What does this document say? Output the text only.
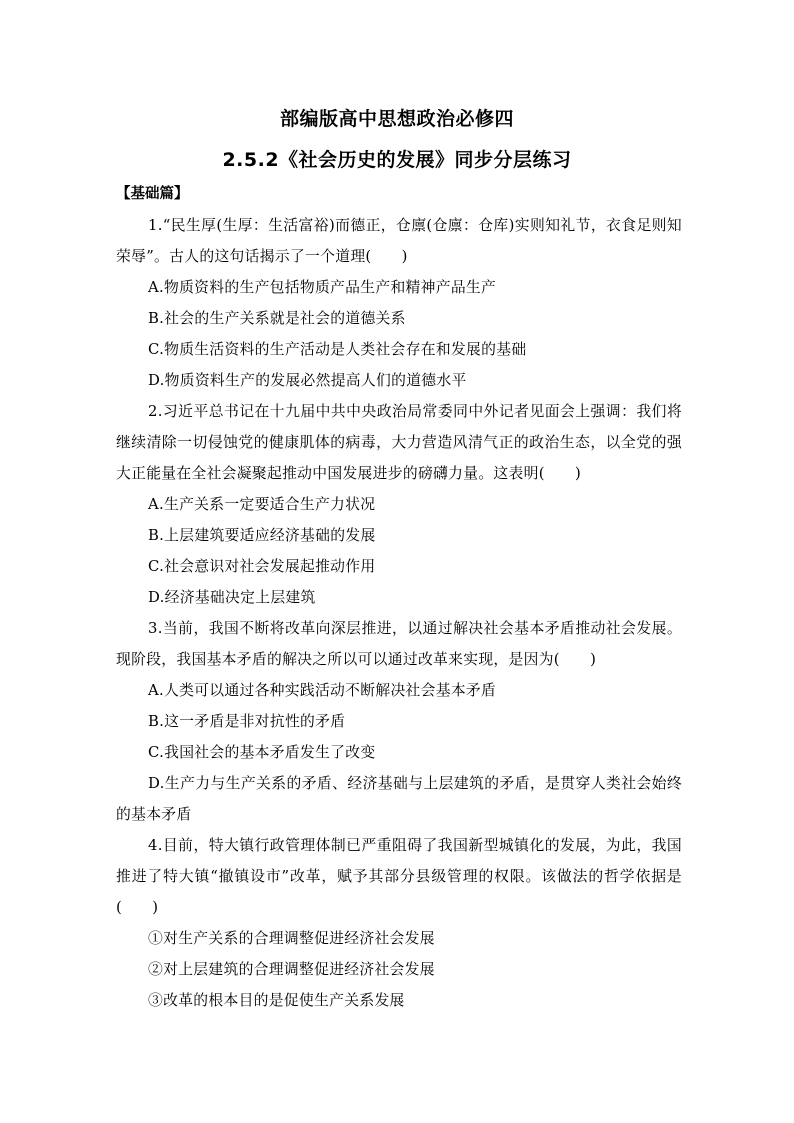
部编版高中思想政治必修四
2.5.2《社会历史的发展》同步分层练习
【基础篇】

1.“民生厚(生厚：生活富裕)而德正，仓廪(仓廪：仓库)实则知礼节，衣食足则知荣辱”。古人的这句话揭示了一个道理(　　)

A.物质资料的生产包括物质产品生产和精神产品生产

B.社会的生产关系就是社会的道德关系

C.物质生活资料的生产活动是人类社会存在和发展的基础

D.物质资料生产的发展必然提高人们的道德水平

2.习近平总书记在十九届中共中央政治局常委同中外记者见面会上强调：我们将继续清除一切侵蚀党的健康肌体的病毒，大力营造风清气正的政治生态，以全党的强大正能量在全社会凝聚起推动中国发展进步的磅礴力量。这表明(　　)

A.生产关系一定要适合生产力状况

B.上层建筑要适应经济基础的发展

C.社会意识对社会发展起推动作用

D.经济基础决定上层建筑

3.当前，我国不断将改革向深层推进，以通过解决社会基本矛盾推动社会发展。现阶段，我国基本矛盾的解决之所以可以通过改革来实现，是因为(　　)

A.人类可以通过各种实践活动不断解决社会基本矛盾

B.这一矛盾是非对抗性的矛盾

C.我国社会的基本矛盾发生了改变

D.生产力与生产关系的矛盾、经济基础与上层建筑的矛盾，是贯穿人类社会始终的基本矛盾

4.目前，特大镇行政管理体制已严重阻碍了我国新型城镇化的发展，为此，我国推进了特大镇“撤镇设市”改革，赋予其部分县级管理的权限。该做法的哲学依据是(　　)

①对生产关系的合理调整促进经济社会发展

②对上层建筑的合理调整促进经济社会发展

③改革的根本目的是促使生产关系发展
